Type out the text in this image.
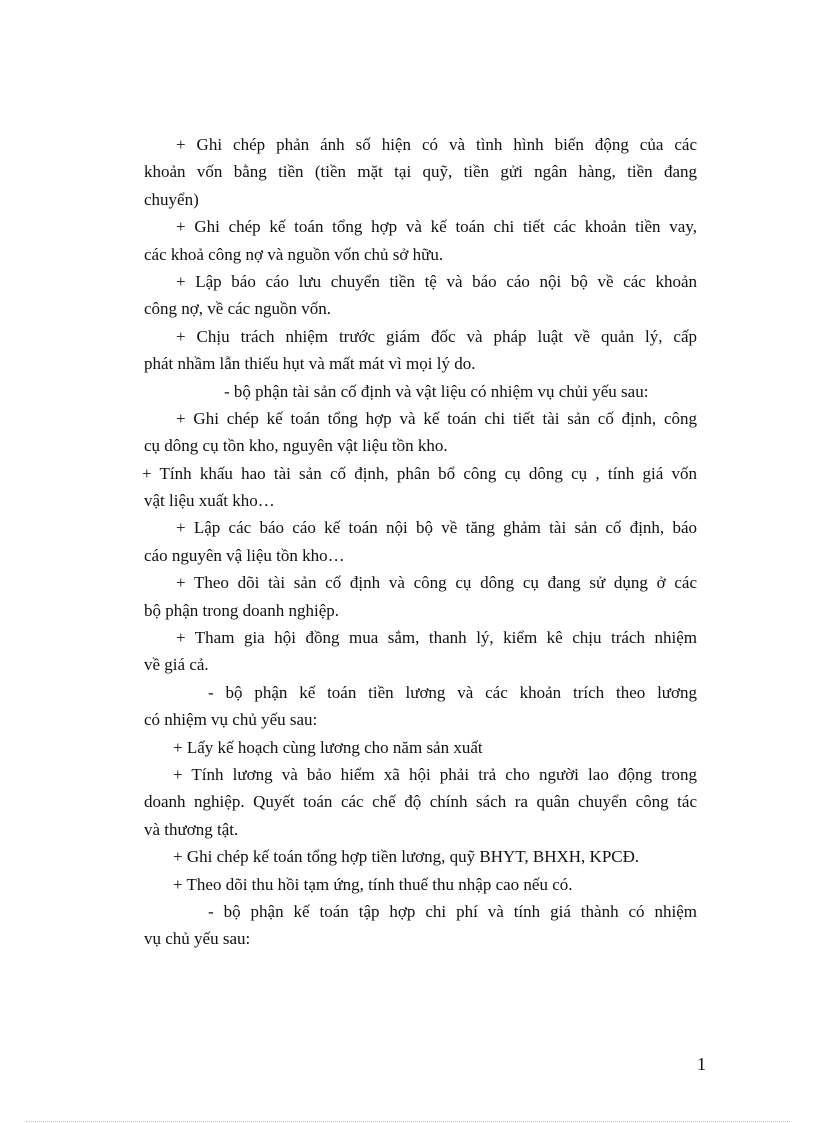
+ Ghi chép phản ánh số hiện có và tình hình biến động của các
khoản vốn bằng tiền (tiền mặt tại quỹ, tiền gửi ngân hàng, tiền đang
chuyển)
+ Ghi chép kế toán tổng hợp và kế toán chi tiết các khoản tiền vay,
các khoả công nợ và nguồn vốn chủ sở hữu.
+ Lập báo cáo lưu chuyển tiền tệ và báo cáo nội bộ về các khoản
công nợ, về các nguồn vốn.
+ Chịu trách nhiệm trước giám đốc và pháp luật về quản lý, cấp
phát nhầm lẫn thiếu hụt và mất mát vì mọi lý do.
- bộ phận tài sản cố định và vật liệu có nhiệm vụ chủi yếu sau:
+ Ghi chép kế toán tổng hợp và kế toán chi tiết tài sản cố định, công
cụ dông cụ tồn kho, nguyên vật liệu tồn kho.
+ Tính khấu hao tài sản cố định, phân bổ công cụ dông cụ , tính giá vốn
vật liệu xuất kho…
+ Lập các báo cáo kế toán nội bộ về tăng ghảm tài sản cố định, báo
cáo nguyên vậ liệu tồn kho…
+ Theo dõi tài sản cố định và công cụ dông cụ đang sử dụng ở các
bộ phận trong doanh nghiệp.
+ Tham gia hội đồng mua sắm, thanh lý, kiểm kê chịu trách nhiệm
về giá cả.
- bộ phận kế toán tiền lương và các khoản trích theo lương
có nhiệm vụ chủ yếu sau:
+ Lấy kế hoạch cùng lương cho năm sản xuất
+ Tính lương và bảo hiểm xã hội phải trả cho người lao động trong
doanh nghiệp. Quyết toán các chế độ chính sách ra quân chuyển công tác
và thương tật.
+ Ghi chép kế toán tổng hợp tiền lương, quỹ BHYT, BHXH, KPCĐ.
+ Theo dõi thu hồi tạm ứng, tính thuế thu nhập cao nếu có.
- bộ phận kế toán tập hợp chi phí và tính giá thành có nhiệm
vụ chủ yếu sau:
1
